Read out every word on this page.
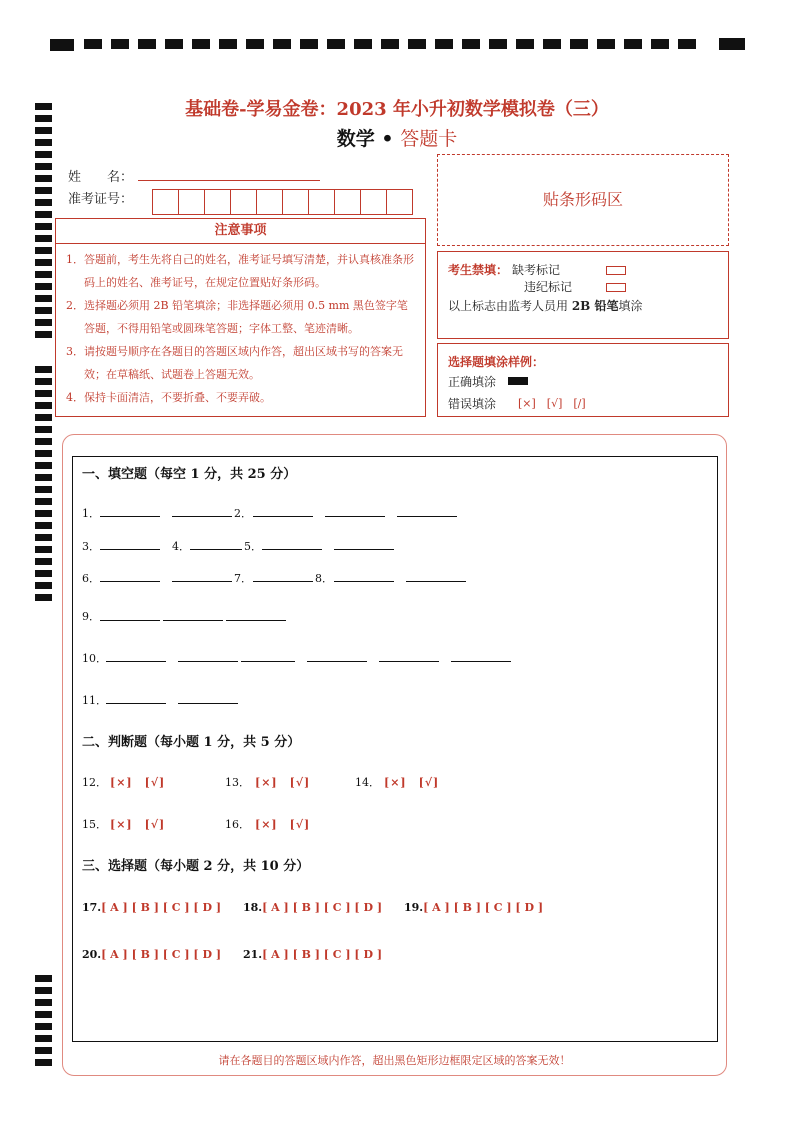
基础卷-学易金卷：2023 年小升初数学模拟卷（三）
数学 • 答题卡
姓　　名：
准考证号：
注意事项
1．答题前，考生先将自己的姓名，准考证号填写清楚，并认真核准条形码上的姓名、准考证号，在规定位置贴好条形码。
2．选择题必须用 2B 铅笔填涂；非选择题必须用 0.5 mm 黑色签字笔答题，不得用铅笔或圆珠笔答题；字体工整、笔迹清晰。
3．请按题号顺序在各题目的答题区域内作答，超出区域书写的答案无效；在草稿纸、试题卷上答题无效。
4．保持卡面清洁，不要折叠、不要弄破。
贴条形码区
考生禁填： 缺考标记
违纪标记
以上标志由监考人员用 2B 铅笔填涂
选择题填涂样例：
正确填涂
错误填涂 [×]　[√]　[/]
一、填空题（每空 1 分，共 25 分）
1．	2．
3．	4．	5．
6．	7．	8．
9．
10．
11．
二、判断题（每小题 1 分，共 5 分）
12． [×]　[√]	13． [×]　[√]	14． [×]　[√]
15． [×]　[√]	16． [×]　[√]
三、选择题（每小题 2 分，共 10 分）
17.[ A ] [ B ] [ C ] [ D ] 18.[ A ] [ B ] [ C ] [ D ] 19.[ A ] [ B ] [ C ] [ D ]
20.[ A ] [ B ] [ C ] [ D ] 21.[ A ] [ B ] [ C ] [ D ]
请在各题目的答题区域内作答，超出黑色矩形边框限定区域的答案无效！
